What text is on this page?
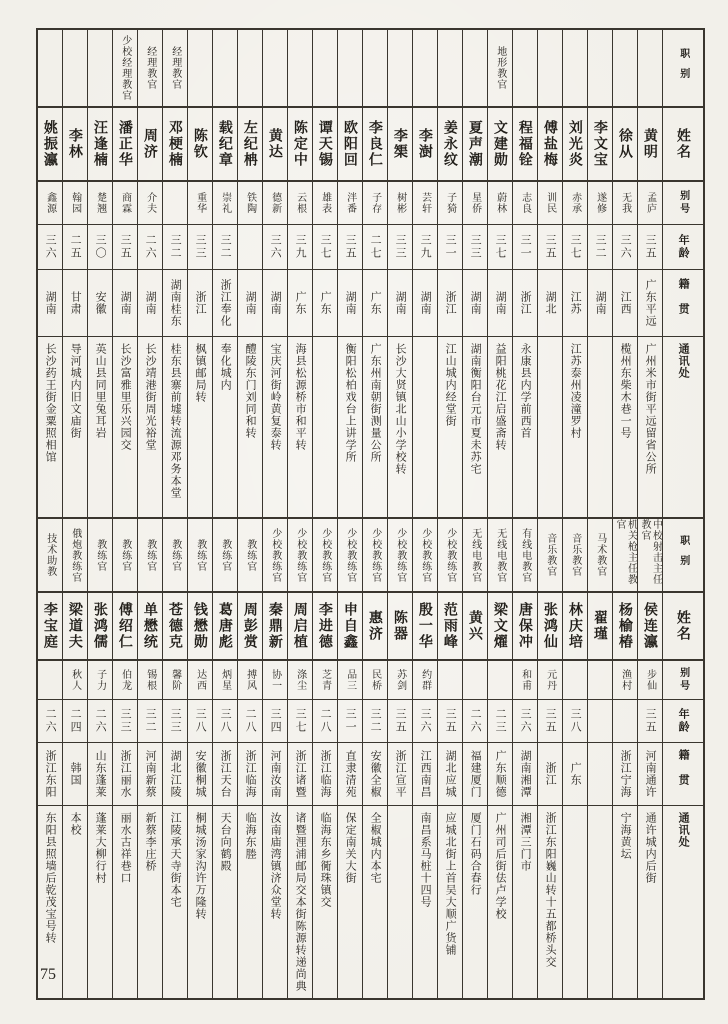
职别
姓名
别号
年龄
籍贯
通讯处
黄明
孟庐
三五
广东平远
广州米市街平远留省公所
徐从
无我
三六
江西
榄州东柴木巷一号
李文宝
遂修
三二
湖南
刘光炎
赤承
三七
江苏
江苏泰州凌潼罗村
傅盐梅
训民
三五
湖北
程福铨
志良
三一
浙江
永康县内学前西首
地形教官
文建勋
蔚林
三七
湖南
益阳桃花江启盛斋转
夏声潮
星侨
三三
湖南
湖南衡阳台元市夏未苏宅
姜永纹
子猗
三一
浙江
江山城内经堂街
李澍
芸轩
三九
湖南
李榘
树彬
三三
湖南
长沙大贤镇北山小学校转
李良仁
子存
二七
广东
广东州南朝街测量公所
欧阳回
泮番
三五
湖南
衡阳松柏戏台上讲学所
谭天锡
雄表
三七
广东
陈定中
云根
三九
广东
海县松源桥市和平转
黄达
德新
三六
湖南
宝庆河街岭黄复泰转
左纪柟
铁陶
湖南
醴陵东门刘同和转
载纪章
崇礼
三二
浙江奉化
奉化城内
陈钦
重华
三三
浙江
枫镇邮局转
经理教官
邓梗楠
三二
湖南桂东
桂东县寨前墟转流源邓务本堂
经理教官
周济
介夫
二六
湖南
长沙靖港街周光裕堂
少校经理教官
潘正华
商霖
三五
湖南
长沙富雅里乐兴园交
汪逢楠
楚翘
三〇
安徽
英山县同里兔耳岩
李林
翰园
二五
甘肃
导河城内旧文庙街
姚振瀛
鑫源
三六
湖南
长沙药王街金粟照相馆
职别
姓名
别号
年龄
籍贯
通讯处
中校射击主任教官
侯连瀛
步仙
三五
河南通许
通许城内后街
机关枪主任教官
杨榆椿
渔村
浙江宁海
宁海黄坛
马术教官
翟瑾
音乐教官
林庆培
三八
广东
音乐教官
张鸿仙
元丹
三五
浙江
浙江东阳巍山转十五都桥头交
有线电教官
唐保冲
和甫
三六
湖南湘潭
湘潭三门市
无线电教官
梁文燿
二三
广东顺德
广州司后街佉卢学校
无线电教官
黄兴
二六
福建厦门
厦门石码合春行
少校教练官
范雨峰
三五
湖北应城
应城北街上首吴大顺广货铺
少校教练官
殷一华
约群
三六
江西南昌
南昌系马桩十四号
少校教练官
陈器
苏剑
三五
浙江宣平
少校教练官
惠济
民桥
三二
安徽全椒
全椒城内本宅
少校教练官
申自鑫
品三
三一
直隶清苑
保定南关大街
少校教练官
李进德
芝青
二八
浙江临海
临海东乡衕珠镇交
少校教练官
周启植
涤尘
三七
浙江诸暨
诸暨浬浦邮局交本街陈源转递尚典
少校教练官
秦鼎新
协一
三四
河南汝南
汝南庙湾镇济众堂转
教练官
周彭赏
搏风
二八
浙江临海
临海东塍
教练官
葛唐彪
炳星
三八
浙江天台
天台向鹤殿
教练官
钱懋勋
达西
三八
安徽桐城
桐城汤家沟许万隆转
教练官
苍德克
馨阶
三三
湖北江陵
江陵承天寺街本宅
教练官
单懋统
锡根
三二
河南新蔡
新蔡李庄桥
教练官
傅绍仁
伯龙
三三
浙江丽水
丽水古祥巷口
教练官
张鸿儒
子力
二六
山东蓬莱
蓬莱大柳行村
俄炮教练官
梁道夫
秋人
二四
韩国
本校
技术助教
李宝庭
二六
浙江东阳
东阳县照墙后乾茂宝号转
75
